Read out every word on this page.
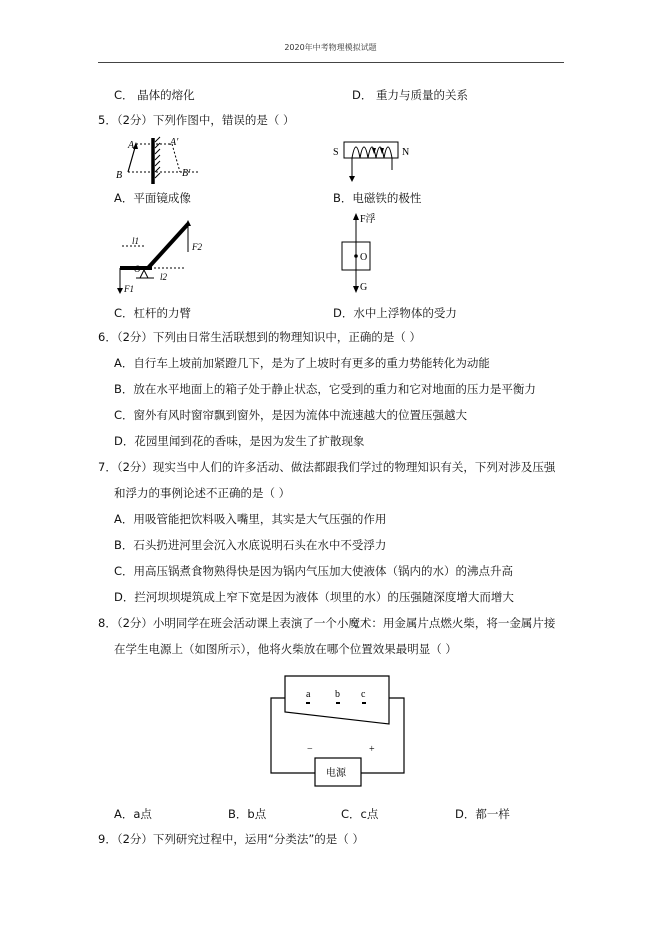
2020年中考物理模拟试题
C． 晶体的熔化	D． 重力与质量的关系
5．（2分）下列作图中，错误的是（ ）
A	A′
B	B′
S	N
A．平面镜成像	B．电磁铁的极性
l1
F2
O
l2
F1
F浮
O
G
C．杠杆的力臂	D．水中上浮物体的受力
6．（2分）下列由日常生活联想到的物理知识中，正确的是（ ）
A．自行车上坡前加紧蹬几下，是为了上坡时有更多的重力势能转化为动能
B．放在水平地面上的箱子处于静止状态，它受到的重力和它对地面的压力是平衡力
C．窗外有风时窗帘飘到窗外，是因为流体中流速越大的位置压强越大
D．花园里闻到花的香味，是因为发生了扩散现象
7．（2分）现实当中人们的许多活动、做法都跟我们学过的物理知识有关，下列对涉及压强
和浮力的事例论述不正确的是（ ）
A．用吸管能把饮料吸入嘴里，其实是大气压强的作用
B．石头扔进河里会沉入水底说明石头在水中不受浮力
C．用高压锅煮食物熟得快是因为锅内气压加大使液体（锅内的水）的沸点升高
D．拦河坝坝堤筑成上窄下宽是因为液体（坝里的水）的压强随深度增大而增大
8．（2分）小明同学在班会活动课上表演了一个小魔术：用金属片点燃火柴，将一金属片接
在学生电源上（如图所示），他将火柴放在哪个位置效果最明显（ ）
a b c
−	+
电源
A．a点	B．b点	C．c点	D．都一样
9．（2分）下列研究过程中，运用“分类法”的是（ ）
